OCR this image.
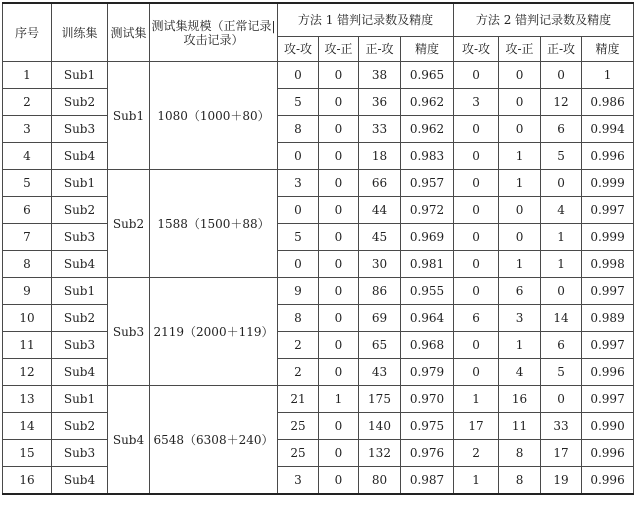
序号	训练集	测试集	测试集规模（正常记录|攻击记录）	方法 1 错判记录数及精度				方法 2 错判记录数及精度			
				攻-攻	攻-正	正-攻	精度	攻-攻	攻-正	正-攻	精度
1	Sub1	Sub1	1080（1000＋80）	0	0	38	0.965	0	0	0	1
2	Sub2			5	0	36	0.962	3	0	12	0.986
3	Sub3			8	0	33	0.962	0	0	6	0.994
4	Sub4			0	0	18	0.983	0	1	5	0.996
5	Sub1	Sub2	1588（1500＋88）	3	0	66	0.957	0	1	0	0.999
6	Sub2			0	0	44	0.972	0	0	4	0.997
7	Sub3			5	0	45	0.969	0	0	1	0.999
8	Sub4			0	0	30	0.981	0	1	1	0.998
9	Sub1	Sub3	2119（2000＋119）	9	0	86	0.955	0	6	0	0.997
10	Sub2			8	0	69	0.964	6	3	14	0.989
11	Sub3			2	0	65	0.968	0	1	6	0.997
12	Sub4			2	0	43	0.979	0	4	5	0.996
13	Sub1	Sub4	6548（6308＋240）	21	1	175	0.970	1	16	0	0.997
14	Sub2			25	0	140	0.975	17	11	33	0.990
15	Sub3			25	0	132	0.976	2	8	17	0.996
16	Sub4			3	0	80	0.987	1	8	19	0.996
